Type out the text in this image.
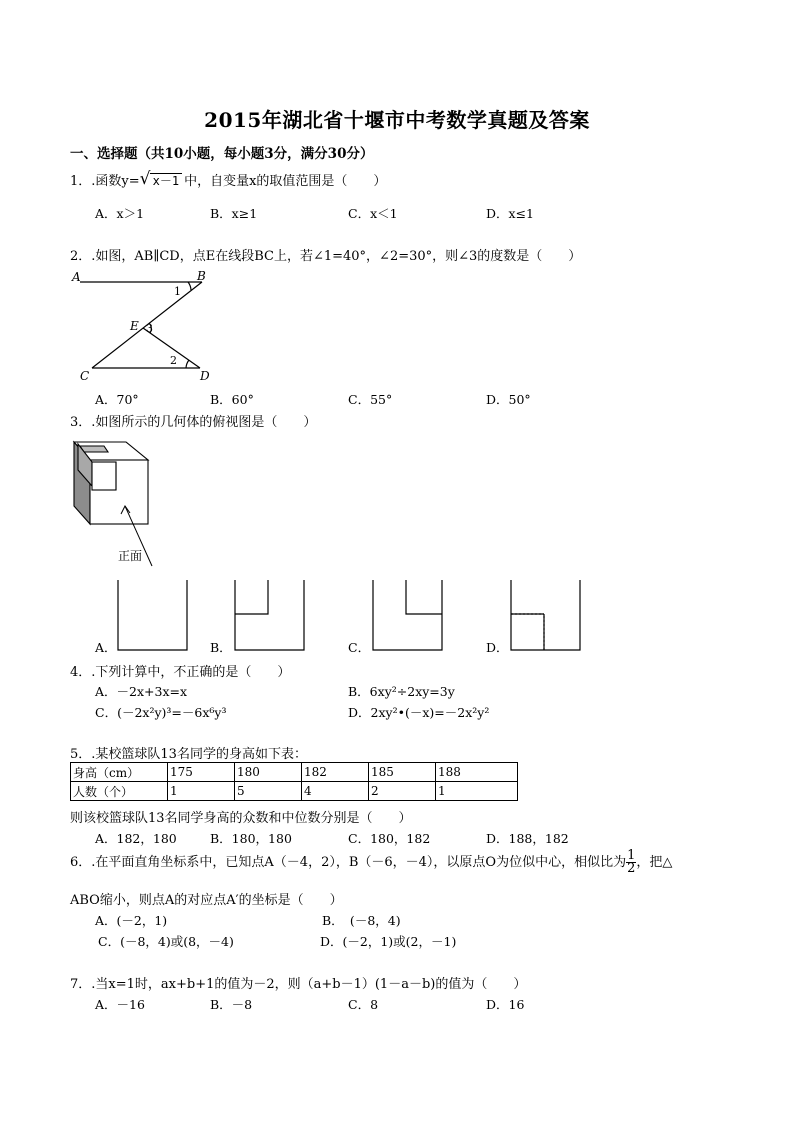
2015年湖北省十堰市中考数学真题及答案
一、选择题（共10小题，每小题3分，满分30分）
1．.函数y= √ x－1 中，自变量x的取值范围是（　　）
A．x＞1	B．x≥1	C．x＜1	D．x≤1
2．.如图，AB∥CD，点E在线段BC上，若∠1=40°，∠2=30°，则∠3的度数是（　　）
A	B
1
E 3
2
C	D
A．70°	B．60°	C．55°	D．50°
3．.如图所示的几何体的俯视图是（　　）
正面
A．	B．	C．	D．
4．.下列计算中，不正确的是（　　）
A．－2x+3x=x	B．6xy²÷2xy=3y
C．(－2x²y)³=－6x⁶y³	D．2xy²•(－x)=－2x²y²
5．.某校篮球队13名同学的身高如下表：
身高（cm）	175	180	182	185	188
人数（个）	1	5	4	2	1
则该校篮球队13名同学身高的众数和中位数分别是（　　）
A．182，180	B．180，180	C．180，182	D．188，182
6．.在平面直角坐标系中，已知点A（－4，2），B（－6，－4），以原点O为位似中心，相似比为 $\frac{1}{2}$ ，把△
ABO缩小，则点A的对应点A′的坐标是（　　）
A．(－2，1)	B．　(－8，4)
C．(－8，4)或(8，－4)	D．(－2，1)或(2，－1)
7．.当x=1时，ax+b+1的值为－2，则（a+b－1）(1－a－b)的值为（　　）
A．－16	B．－8	C．8	D．16
